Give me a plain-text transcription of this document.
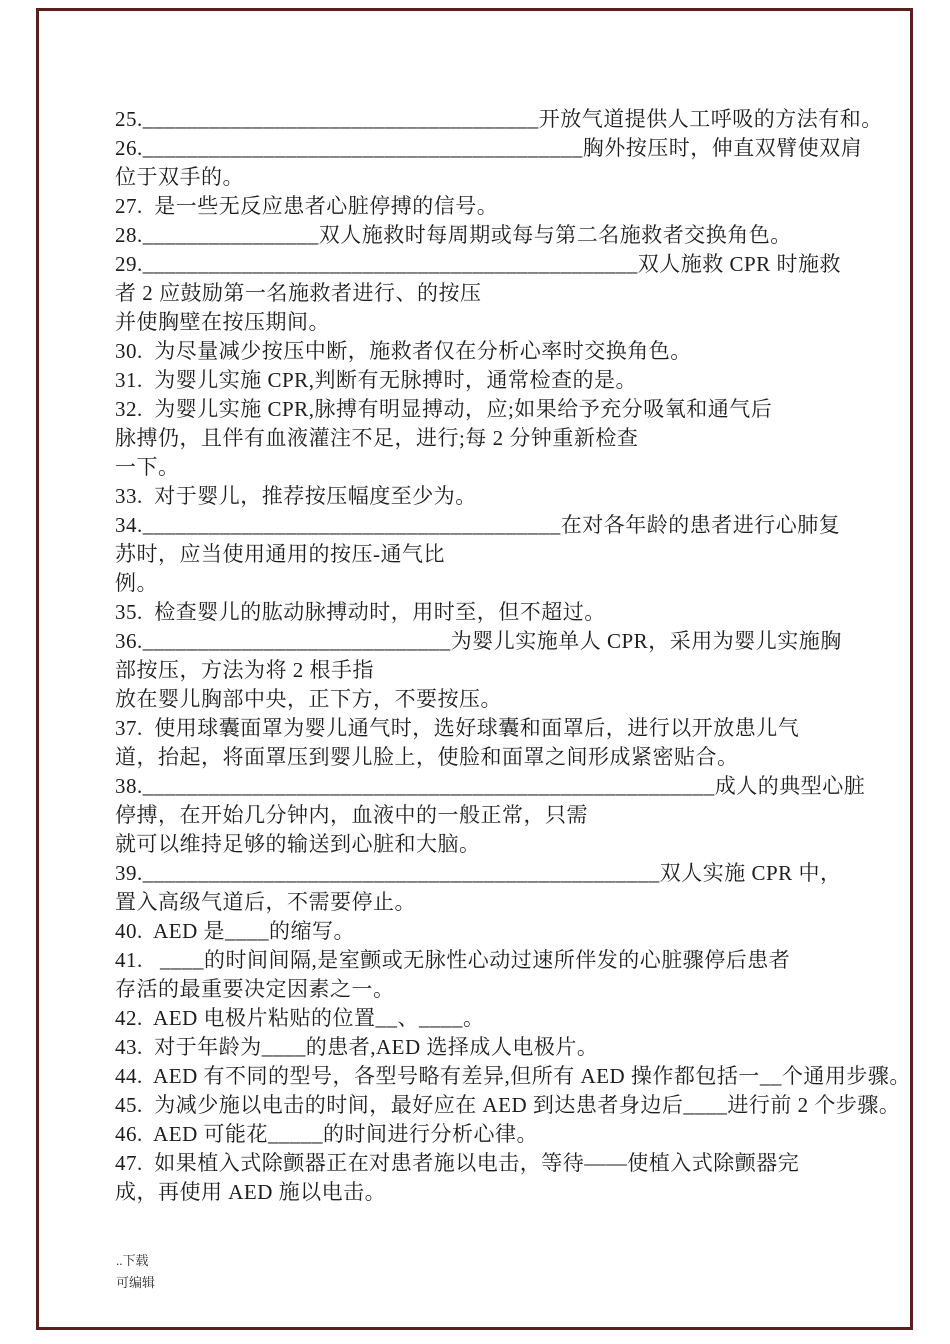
25.____________________________________开放气道提供人工呼吸的方法有和。
26.________________________________________胸外按压时，伸直双臂使双肩
位于双手的。
27.  是一些无反应患者心脏停搏的信号。
28.________________双人施救时每周期或每与第二名施救者交换角色。
29._____________________________________________双人施救 CPR 时施救
者 2 应鼓励第一名施救者进行、的按压
并使胸壁在按压期间。
30.  为尽量减少按压中断，施救者仅在分析心率时交换角色。
31.  为婴儿实施 CPR,判断有无脉搏时，通常检查的是。
32.  为婴儿实施 CPR,脉搏有明显搏动，应;如果给予充分吸氧和通气后
脉搏仍，且伴有血液灌注不足，进行;每 2 分钟重新检查
一下。
33.  对于婴儿，推荐按压幅度至少为。
34.______________________________________在对各年龄的患者进行心肺复
苏时，应当使用通用的按压-通气比
例。
35.  检查婴儿的肱动脉搏动时，用时至，但不超过。
36.____________________________为婴儿实施单人 CPR，采用为婴儿实施胸
部按压，方法为将 2 根手指
放在婴儿胸部中央，正下方，不要按压。
37.  使用球囊面罩为婴儿通气时，选好球囊和面罩后，进行以开放患儿气
道，抬起，将面罩压到婴儿脸上，使脸和面罩之间形成紧密贴合。
38.____________________________________________________成人的典型心脏
停搏，在开始几分钟内，血液中的一般正常，只需
就可以维持足够的输送到心脏和大脑。
39._______________________________________________双人实施 CPR 中，
置入高级气道后，不需要停止。
40.  AED 是____的缩写。
41.   ____的时间间隔,是室颤或无脉性心动过速所伴发的心脏骤停后患者
存活的最重要决定因素之一。
42.  AED 电极片粘贴的位置__、____。
43.  对于年龄为____的患者,AED 选择成人电极片。
44.  AED 有不同的型号，各型号略有差异,但所有 AED 操作都包括一__个通用步骤。
45.  为减少施以电击的时间，最好应在 AED 到达患者身边后____进行前 2 个步骤。
46.  AED 可能花_____的时间进行分析心律。
47.  如果植入式除颤器正在对患者施以电击，等待——使植入式除颤器完
成，再使用 AED 施以电击。
..下载
可编辑
